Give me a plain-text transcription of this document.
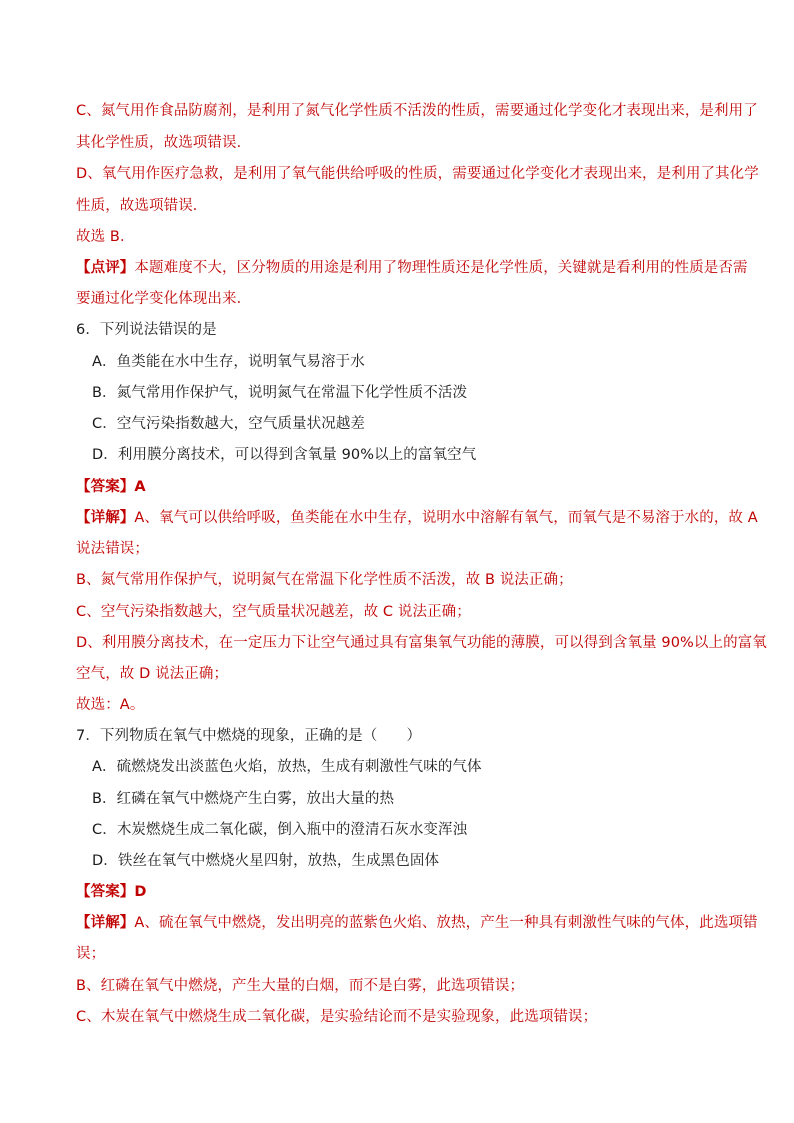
C、氮气用作食品防腐剂，是利用了氮气化学性质不活泼的性质，需要通过化学变化才表现出来，是利用了
其化学性质，故选项错误．
D、氧气用作医疗急救，是利用了氧气能供给呼吸的性质，需要通过化学变化才表现出来，是利用了其化学
性质，故选项错误．
故选 B．
【点评】本题难度不大，区分物质的用途是利用了物理性质还是化学性质，关键就是看利用的性质是否需
要通过化学变化体现出来．
6．下列说法错误的是
A．鱼类能在水中生存，说明氧气易溶于水
B．氮气常用作保护气，说明氮气在常温下化学性质不活泼
C．空气污染指数越大，空气质量状况越差
D．利用膜分离技术，可以得到含氧量 90%以上的富氧空气
【答案】A
【详解】A、氧气可以供给呼吸，鱼类能在水中生存，说明水中溶解有氧气，而氧气是不易溶于水的，故 A
说法错误；
B、氮气常用作保护气，说明氮气在常温下化学性质不活泼，故 B 说法正确；
C、空气污染指数越大，空气质量状况越差，故 C 说法正确；
D、利用膜分离技术，在一定压力下让空气通过具有富集氧气功能的薄膜，可以得到含氧量 90%以上的富氧
空气，故 D 说法正确；
故选：A。
7．下列物质在氧气中燃烧的现象，正确的是（　　）
A．硫燃烧发出淡蓝色火焰，放热，生成有刺激性气味的气体
B．红磷在氧气中燃烧产生白雾，放出大量的热
C．木炭燃烧生成二氧化碳，倒入瓶中的澄清石灰水变浑浊
D．铁丝在氧气中燃烧火星四射，放热，生成黑色固体
【答案】D
【详解】A、硫在氧气中燃烧，发出明亮的蓝紫色火焰、放热，产生一种具有刺激性气味的气体，此选项错
误；
B、红磷在氧气中燃烧，产生大量的白烟，而不是白雾，此选项错误；
C、木炭在氧气中燃烧生成二氧化碳，是实验结论而不是实验现象，此选项错误；
